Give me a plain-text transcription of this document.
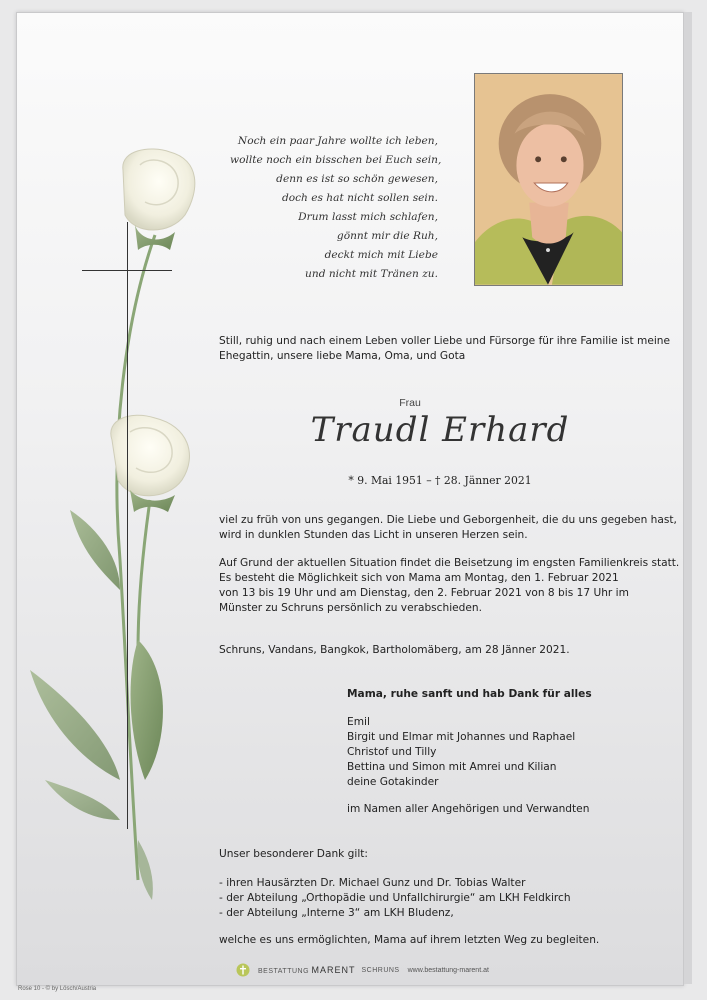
Noch ein paar Jahre wollte ich leben,
wollte noch ein bisschen bei Euch sein,
denn es ist so schön gewesen,
doch es hat nicht sollen sein.
Drum lasst mich schlafen,
gönnt mir die Ruh,
deckt mich mit Liebe
und nicht mit Tränen zu.
Still, ruhig und nach einem Leben voller Liebe und Fürsorge für ihre Familie ist meine
Ehegattin, unsere liebe Mama, Oma, und Gota
Frau
Traudl Erhard
* 9. Mai 1951 – † 28. Jänner 2021
viel zu früh von uns gegangen. Die Liebe und Geborgenheit, die du uns gegeben hast,
wird in dunklen Stunden das Licht in unseren Herzen sein.
Auf Grund der aktuellen Situation findet die Beisetzung im engsten Familienkreis statt.
Es besteht die Möglichkeit sich von Mama am Montag, den 1. Februar 2021
von 13 bis 19 Uhr und am Dienstag, den 2. Februar 2021 von 8 bis 17 Uhr im
Münster zu Schruns persönlich zu verabschieden.
Schruns, Vandans, Bangkok, Bartholomäberg, am 28 Jänner 2021.
Mama, ruhe sanft und hab Dank für alles
Emil
Birgit und Elmar mit Johannes und Raphael
Christof und Tilly
Bettina und Simon mit Amrei und Kilian
deine Gotakinder
im Namen aller Angehörigen und Verwandten
Unser besonderer Dank gilt:
- ihren Hausärzten Dr. Michael Gunz und Dr. Tobias Walter
- der Abteilung „Orthopädie und Unfallchirurgie“ am LKH Feldkirch
- der Abteilung „Interne 3“ am LKH Bludenz,
welche es uns ermöglichten, Mama auf ihrem letzten Weg zu begleiten.
BESTATTUNG MARENT SCHRUNS www.bestattung-marent.at
Rose 10 - © by Lösch/Austria
